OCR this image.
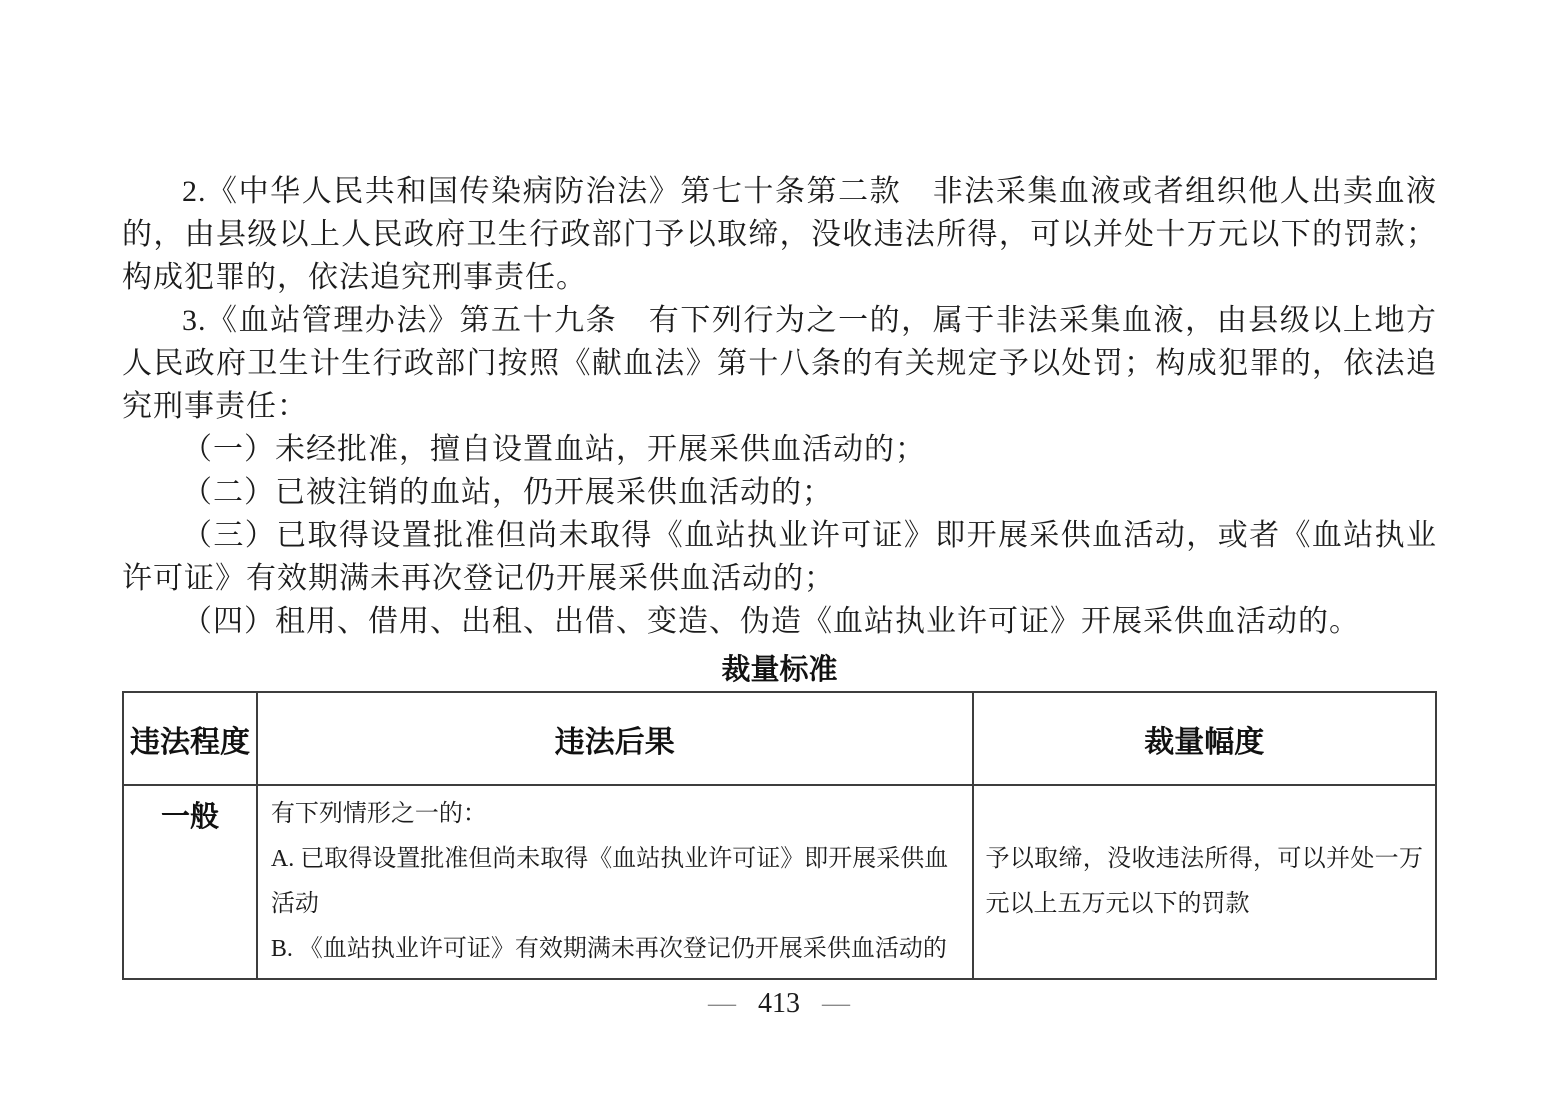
2.《中华人民共和国传染病防治法》第七十条第二款　非法采集血液或者组织他人出卖血液的，由县级以上人民政府卫生行政部门予以取缔，没收违法所得，可以并处十万元以下的罚款；构成犯罪的，依法追究刑事责任。

3.《血站管理办法》第五十九条　有下列行为之一的，属于非法采集血液，由县级以上地方人民政府卫生计生行政部门按照《献血法》第十八条的有关规定予以处罚；构成犯罪的，依法追究刑事责任：

（一）未经批准，擅自设置血站，开展采供血活动的；

（二）已被注销的血站，仍开展采供血活动的；

（三）已取得设置批准但尚未取得《血站执业许可证》即开展采供血活动，或者《血站执业许可证》有效期满未再次登记仍开展采供血活动的；

（四）租用、借用、出租、出借、变造、伪造《血站执业许可证》开展采供血活动的。

裁量标准
违法程度	违法后果	裁量幅度
一般	有下列情形之一的：

A. 已取得设置批准但尚未取得《血站执业许可证》即开展采供血活动

B. 《血站执业许可证》有效期满未再次登记仍开展采供血活动的	予以取缔，没收违法所得，可以并处一万元以上五万元以下的罚款
— 413 —
